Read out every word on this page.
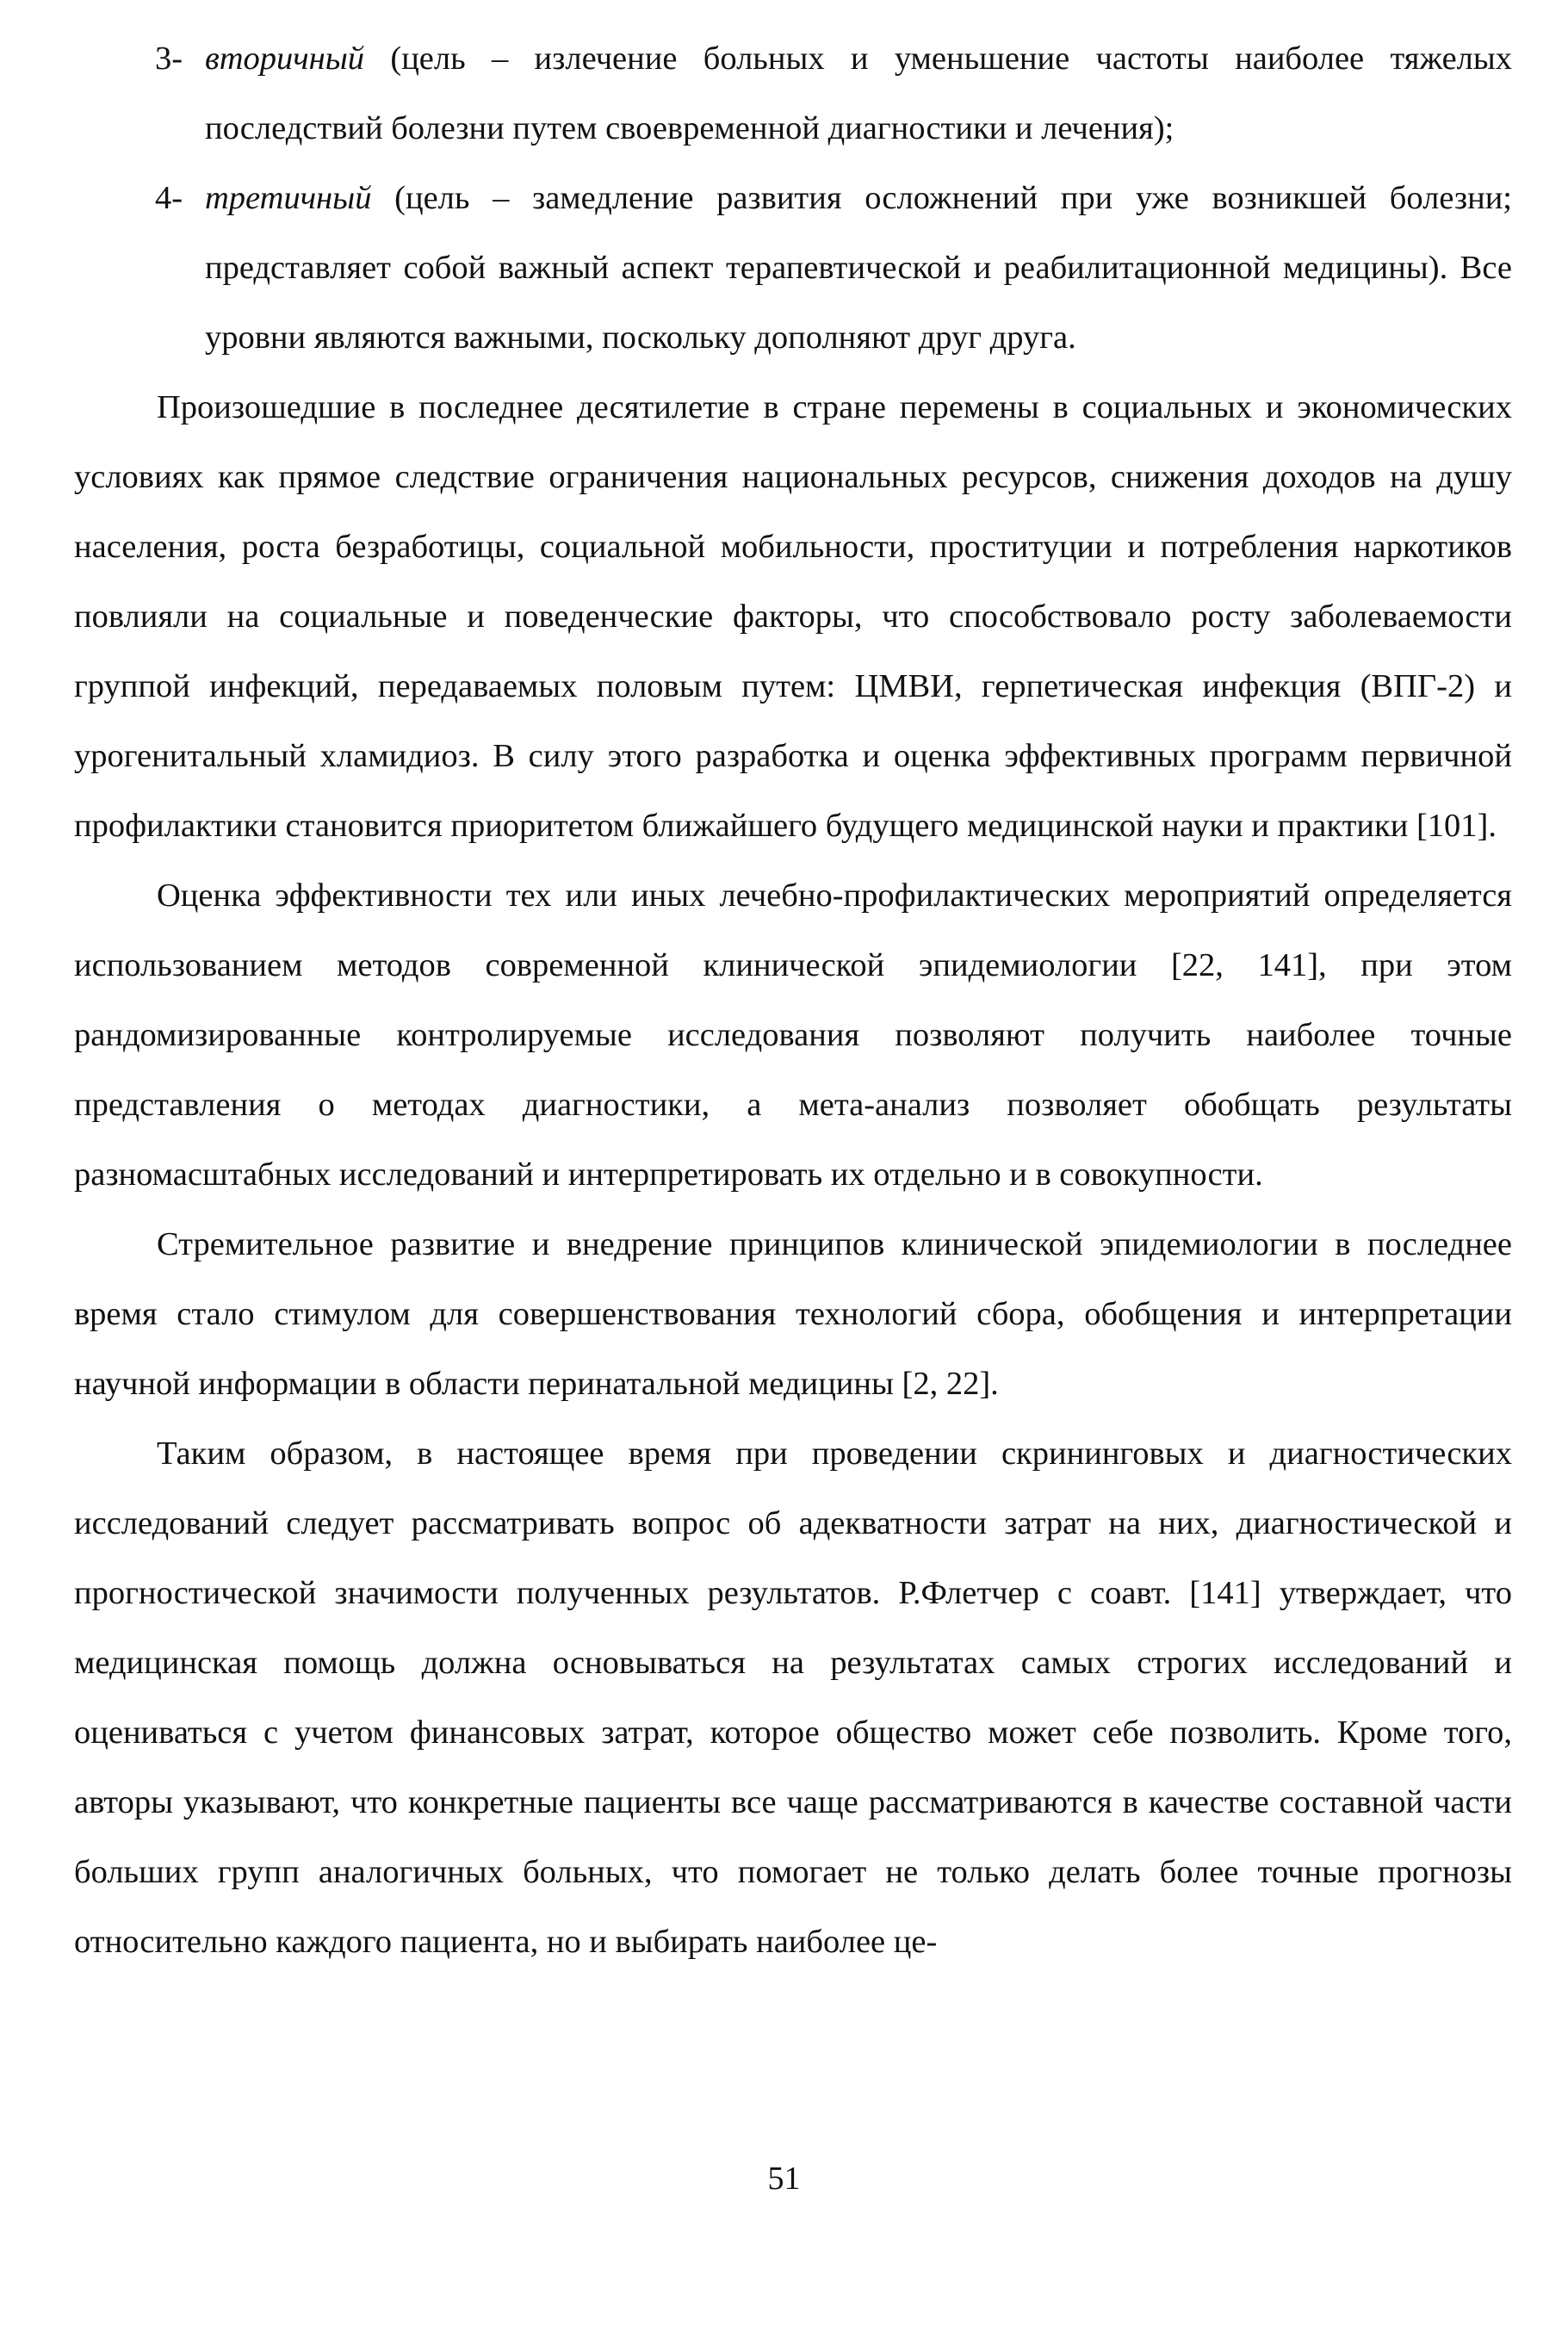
3- вторичный (цель – излечение больных и уменьшение частоты наиболее тяжелых последствий болезни путем своевременной диагностики и лечения);
4- третичный (цель – замедление развития осложнений при уже возникшей болезни; представляет собой важный аспект терапевтической и реабилитационной медицины). Все уровни являются важными, поскольку дополняют друг друга.

Произошедшие в последнее десятилетие в стране перемены в социальных и экономических условиях как прямое следствие ограничения национальных ресурсов, снижения доходов на душу населения, роста безработицы, социальной мобильности, проституции и потребления наркотиков повлияли на социальные и поведенческие факторы, что способствовало росту заболеваемости группой инфекций, передаваемых половым путем: ЦМВИ, герпетическая инфекция (ВПГ-2) и урогенитальный хламидиоз. В силу этого разработка и оценка эффективных программ первичной профилактики становится приоритетом ближайшего будущего медицинской науки и практики [101].

Оценка эффективности тех или иных лечебно-профилактических мероприятий определяется использованием методов современной клинической эпидемиологии [22, 141], при этом рандомизированные контролируемые исследования позволяют получить наиболее точные представления о методах диагностики, а мета-анализ позволяет обобщать результаты разномасштабных исследований и интерпретировать их отдельно и в совокупности.

Стремительное развитие и внедрение принципов клинической эпидемиологии в последнее время стало стимулом для совершенствования технологий сбора, обобщения и интерпретации научной информации в области перинатальной медицины [2, 22].

Таким образом, в настоящее время при проведении скрининговых и диагностических исследований следует рассматривать вопрос об адекватности затрат на них, диагностической и прогностической значимости полученных результатов. Р.Флетчер с соавт. [141] утверждает, что медицинская помощь должна основываться на результатах самых строгих исследований и оцениваться с учетом финансовых затрат, которое общество может себе позволить. Кроме того, авторы указывают, что конкретные пациенты все чаще рассматриваются в качестве составной части больших групп аналогичных больных, что помогает не только делать более точные прогнозы относительно каждого пациента, но и выбирать наиболее це-

51
